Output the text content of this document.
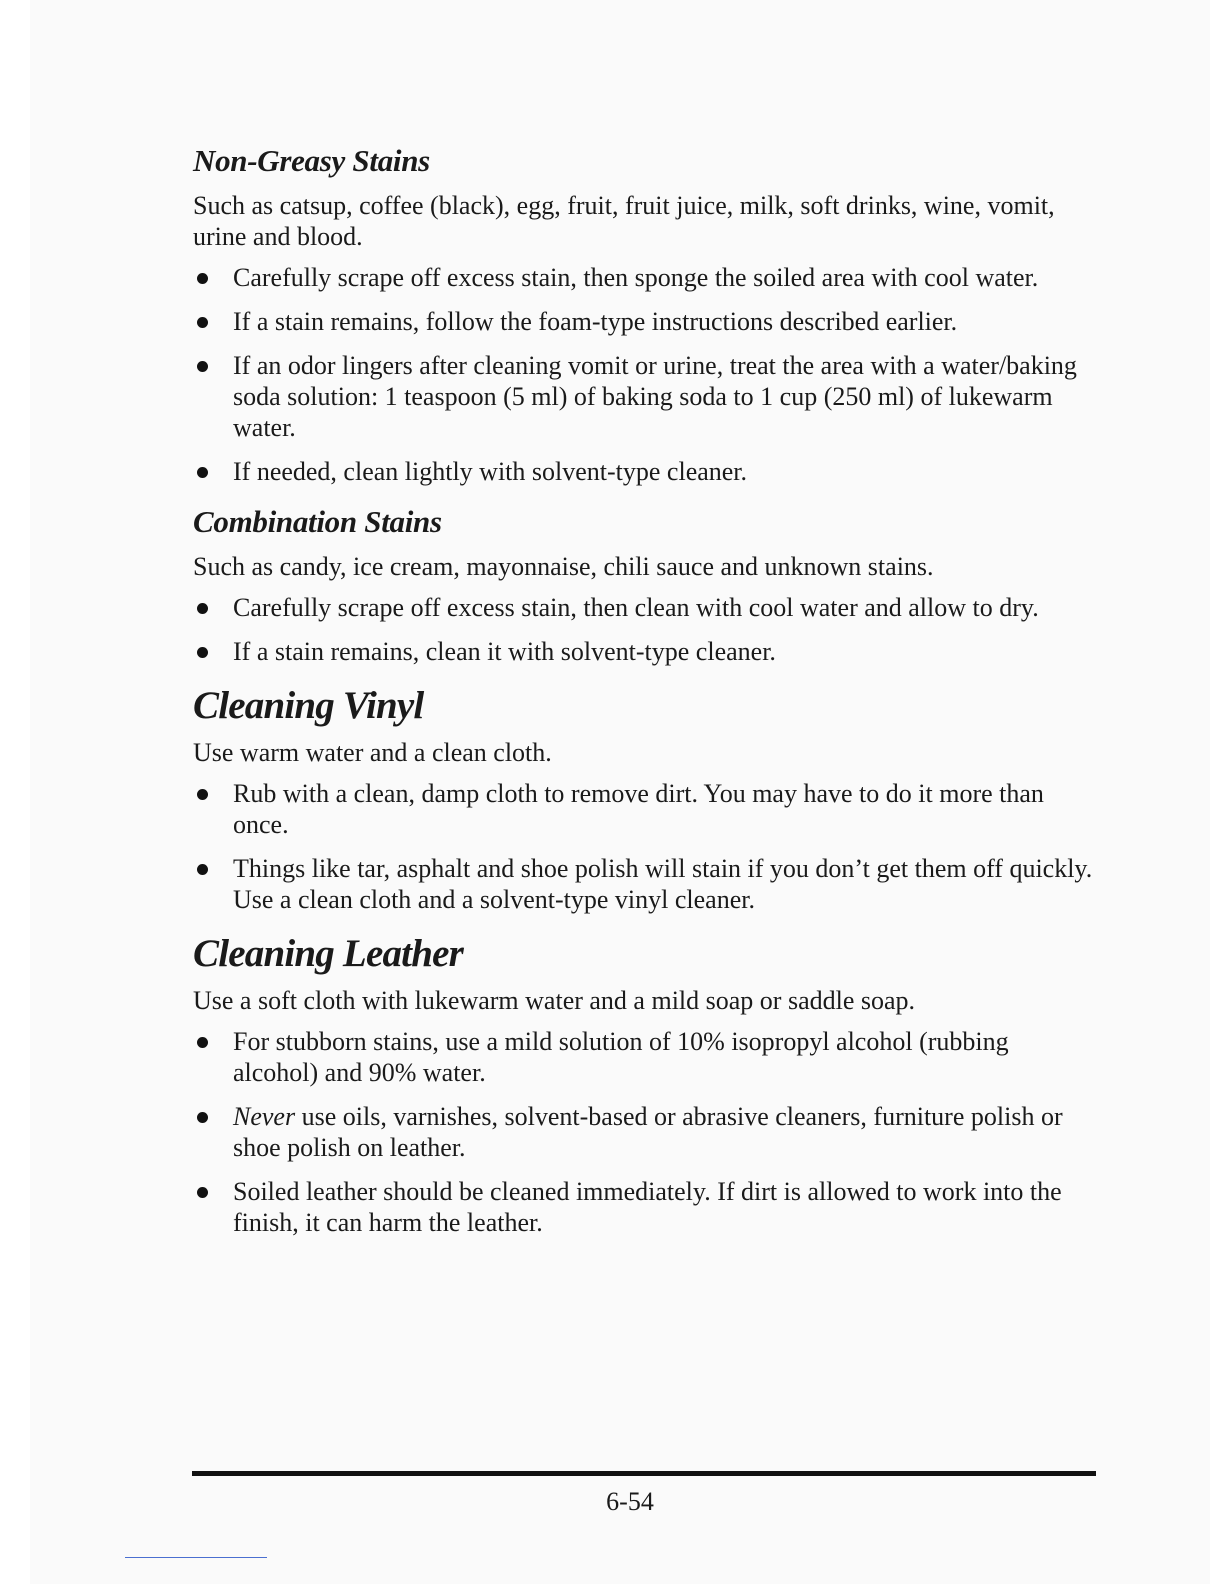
Non-Greasy Stains

Such as catsup, coffee (black), egg, fruit, fruit juice, milk, soft drinks, wine, vomit, urine and blood.

Carefully scrape off excess stain, then sponge the soiled area with cool water.
If a stain remains, follow the foam-type instructions described earlier.
If an odor lingers after cleaning vomit or urine, treat the area with a water/baking soda solution: 1 teaspoon (5 ml) of baking soda to 1 cup (250 ml) of lukewarm water.
If needed, clean lightly with solvent-type cleaner.
Combination Stains

Such as candy, ice cream, mayonnaise, chili sauce and unknown stains.

Carefully scrape off excess stain, then clean with cool water and allow to dry.
If a stain remains, clean it with solvent-type cleaner.
Cleaning Vinyl

Use warm water and a clean cloth.

Rub with a clean, damp cloth to remove dirt. You may have to do it more than once.
Things like tar, asphalt and shoe polish will stain if you don’t get them off quickly. Use a clean cloth and a solvent-type vinyl cleaner.
Cleaning Leather

Use a soft cloth with lukewarm water and a mild soap or saddle soap.

For stubborn stains, use a mild solution of 10% isopropyl alcohol (rubbing alcohol) and 90% water.
Never use oils, varnishes, solvent-based or abrasive cleaners, furniture polish or shoe polish on leather.
Soiled leather should be cleaned immediately. If dirt is allowed to work into the finish, it can harm the leather.
6-54
